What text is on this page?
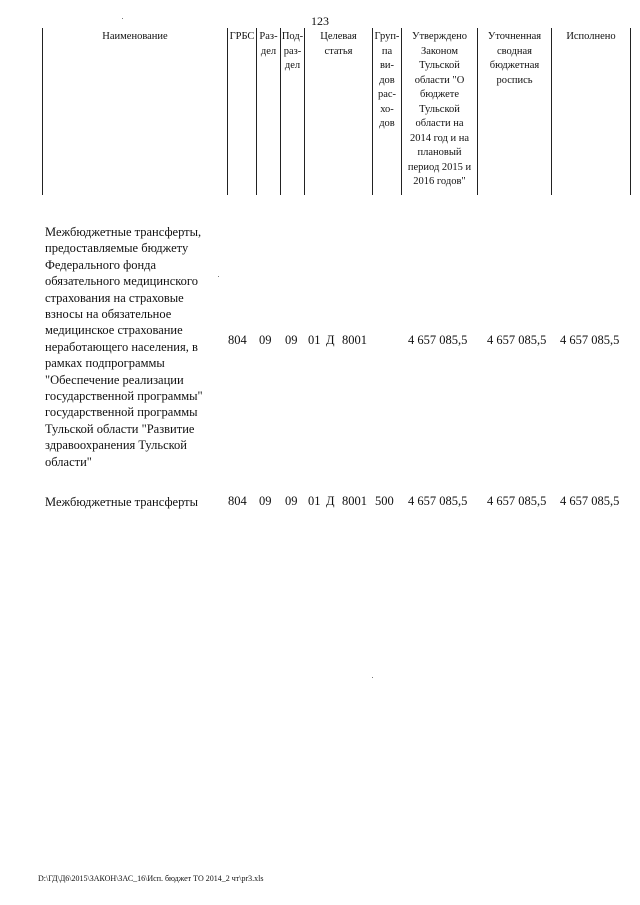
123
Наименование	ГРБС Раз-
дел
Под-
раз-
дел
Целевая
статья
Груп-
па
ви-
дов
рас-
хо-
дов
Утверждено
Законом
Тульской
области "О
бюджете
Тульской
области на
2014 год и на
плановый
период 2015 и
2016 годов"
Уточненная
сводная
бюджетная
роспись
Исполнено
Межбюджетные трансферты,
предоставляемые бюджету
Федерального фонда
обязательного медицинского
страхования на страховые
взносы на обязательное
медицинское страхование
неработающего населения, в
рамках подпрограммы
"Обеспечение реализации
государственной программы"
государственной программы
Тульской области "Развитие
здравоохранения Тульской
области"
804 09 09 01 Д 8001	4 657 085,5 4 657 085,5 4 657 085,5
Межбюджетные трансферты 804 09 09 01 Д 8001 500 4 657 085,5 4 657 085,5 4 657 085,5
D:\ГД\Д6\2015\ЗАКОН\ЗАС_16\Исп. бюджет ТО 2014_2 чт\pr3.xls
